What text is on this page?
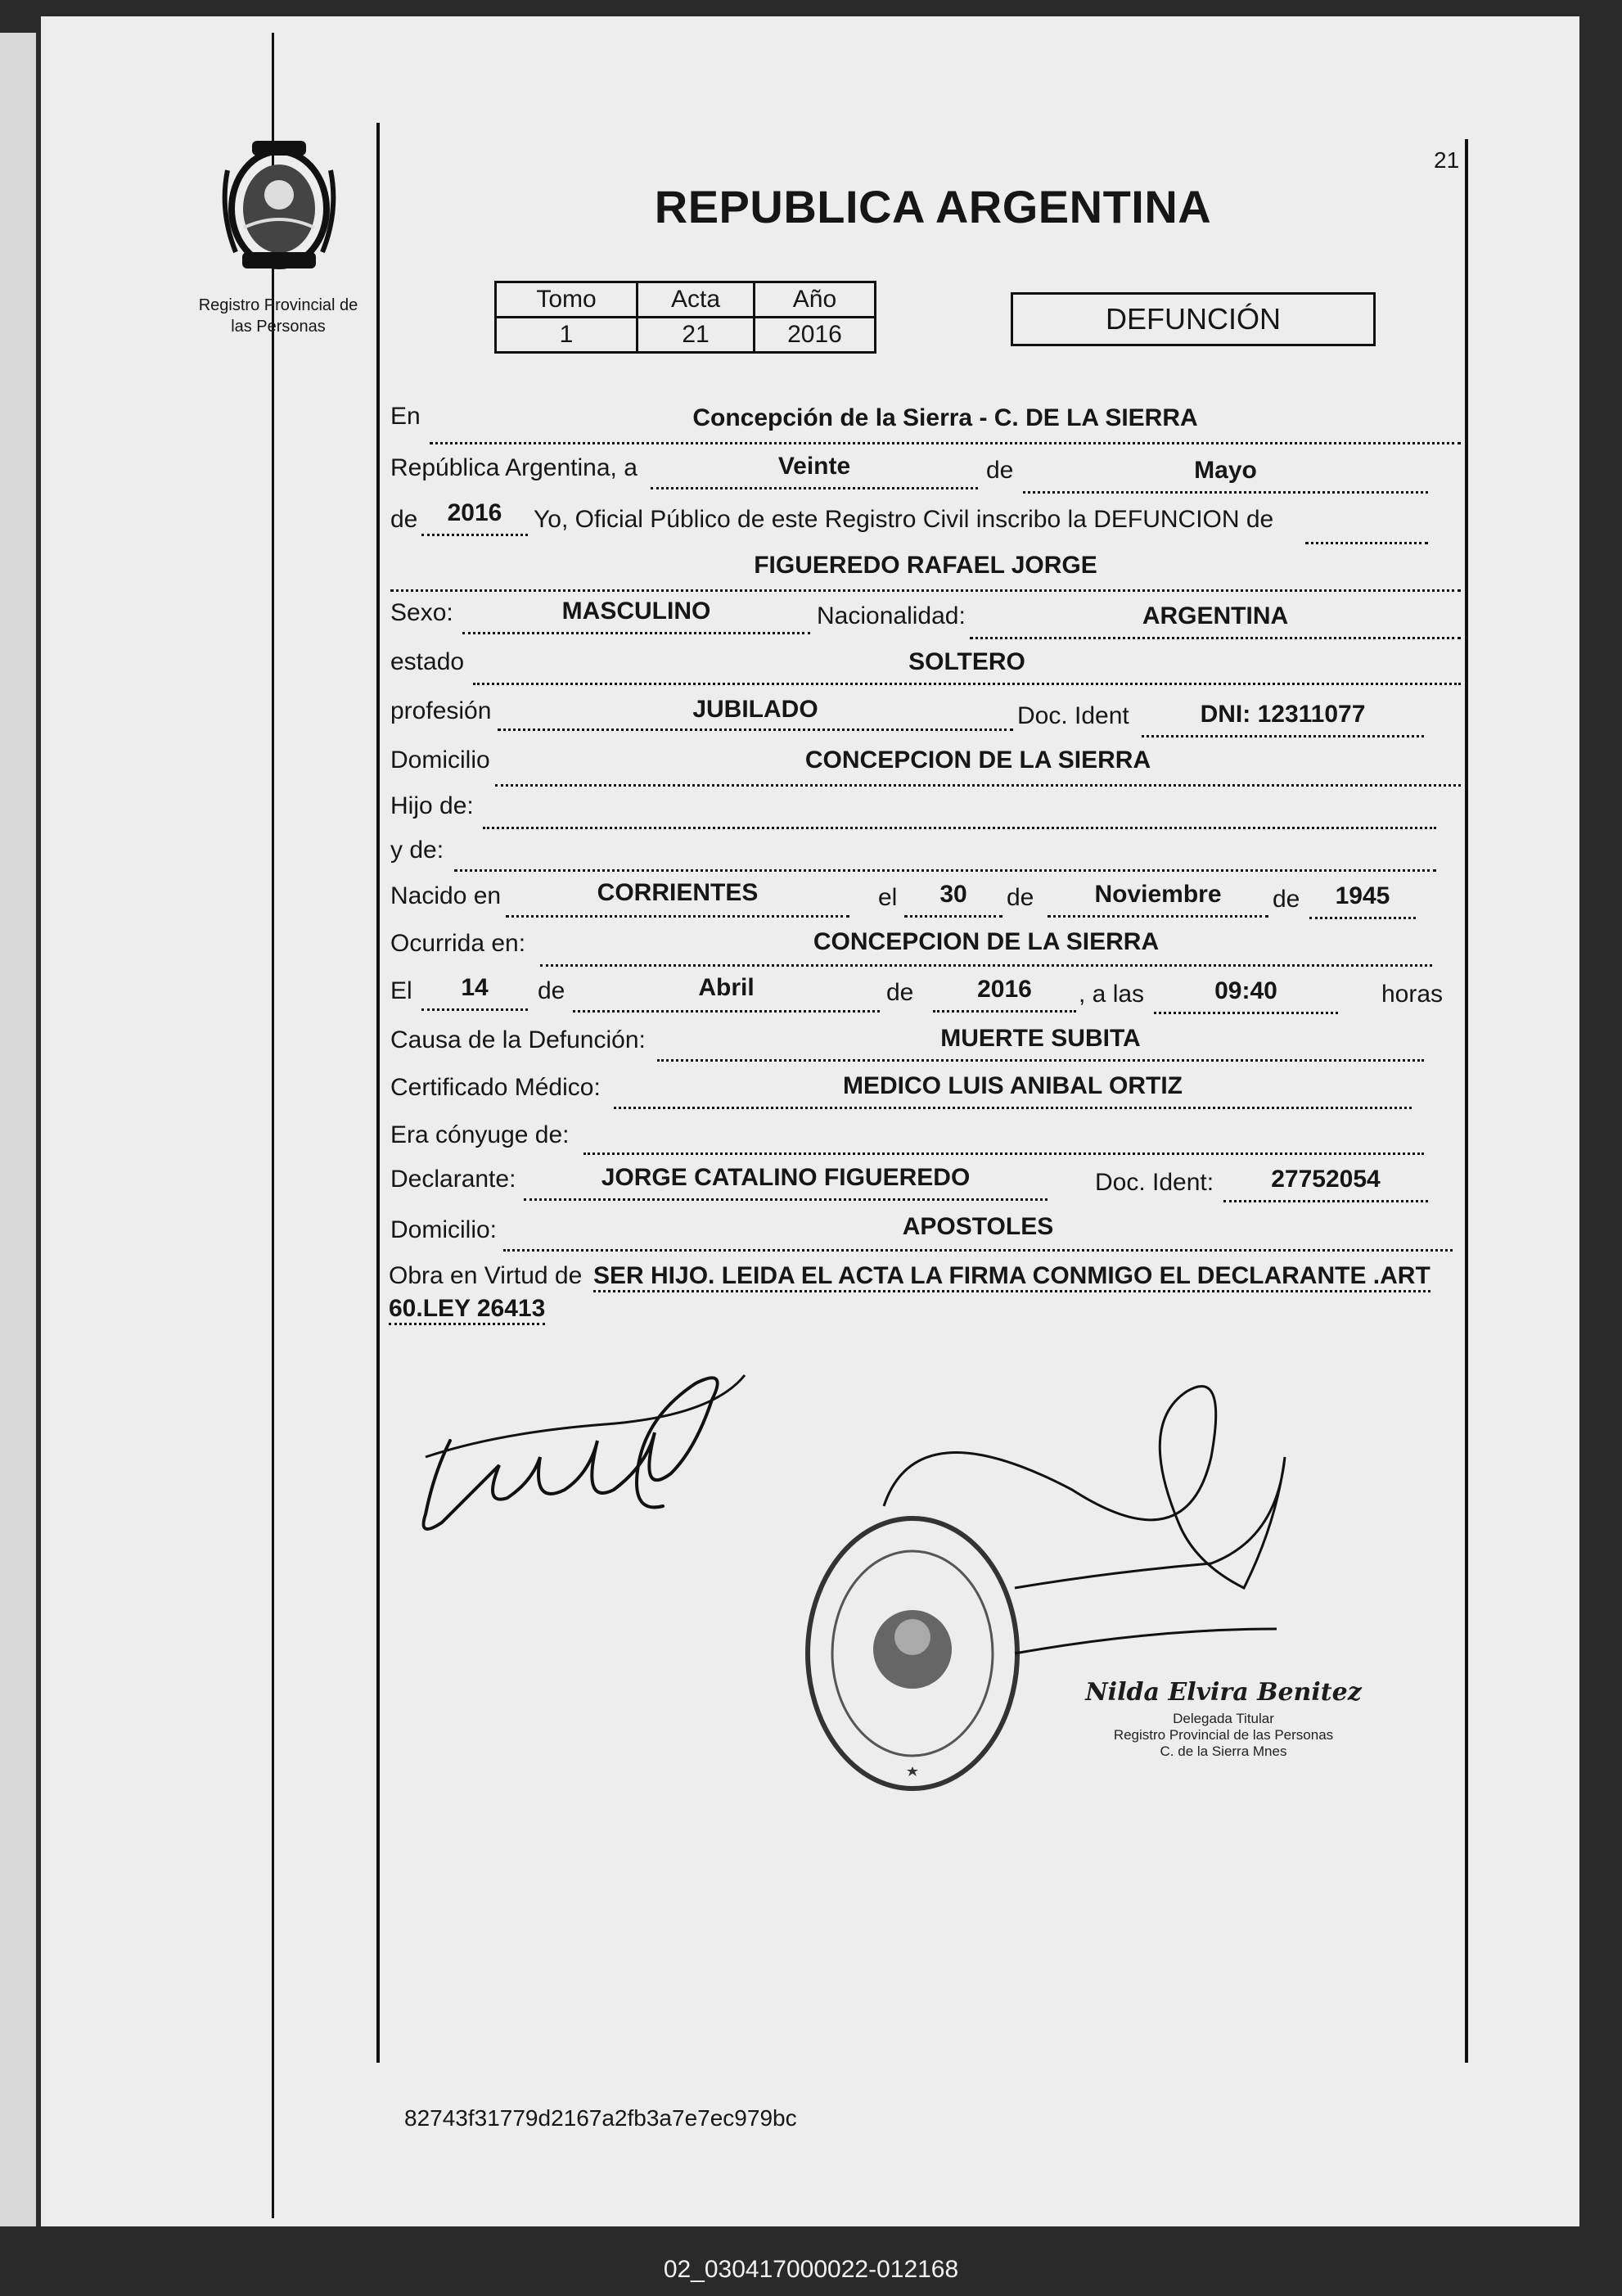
Registro Provincial de
las Personas
REPUBLICA ARGENTINA
21
Tomo	Acta	Año
1	21	2016	DEFUNCIÓN
En	Concepción de la Sierra - C. DE LA SIERRA
República Argentina, a	Veinte	de	Mayo
de	2016	Yo, Oficial Público de este Registro Civil inscribo la DEFUNCION de
FIGUEREDO RAFAEL JORGE
Sexo:	MASCULINO	Nacionalidad:	ARGENTINA
estado	SOLTERO
profesión	JUBILADO	Doc. Ident	DNI: 12311077
Domicilio	CONCEPCION DE LA SIERRA
Hijo de:
y de:
Nacido en	CORRIENTES	el	30	de	Noviembre	de	1945
Ocurrida en:	CONCEPCION DE LA SIERRA
El	14	de	Abril	de	2016	, a las	09:40	horas
Causa de la Defunción:	MUERTE SUBITA
Certificado Médico:	MEDICO LUIS ANIBAL ORTIZ
Era cónyuge de:
Declarante:	JORGE CATALINO FIGUEREDO	Doc. Ident:	27752054
Domicilio:	APOSTOLES
Obra en Virtud de SER HIJO. LEIDA EL ACTA LA FIRMA CONMIGO EL DECLARANTE .ART
60.LEY 26413
Nilda Elvira Benitez
Delegada Titular
Registro Provincial de las Personas
C. de la Sierra Mnes
82743f31779d2167a2fb3a7e7ec979bc
02_030417000022-012168
